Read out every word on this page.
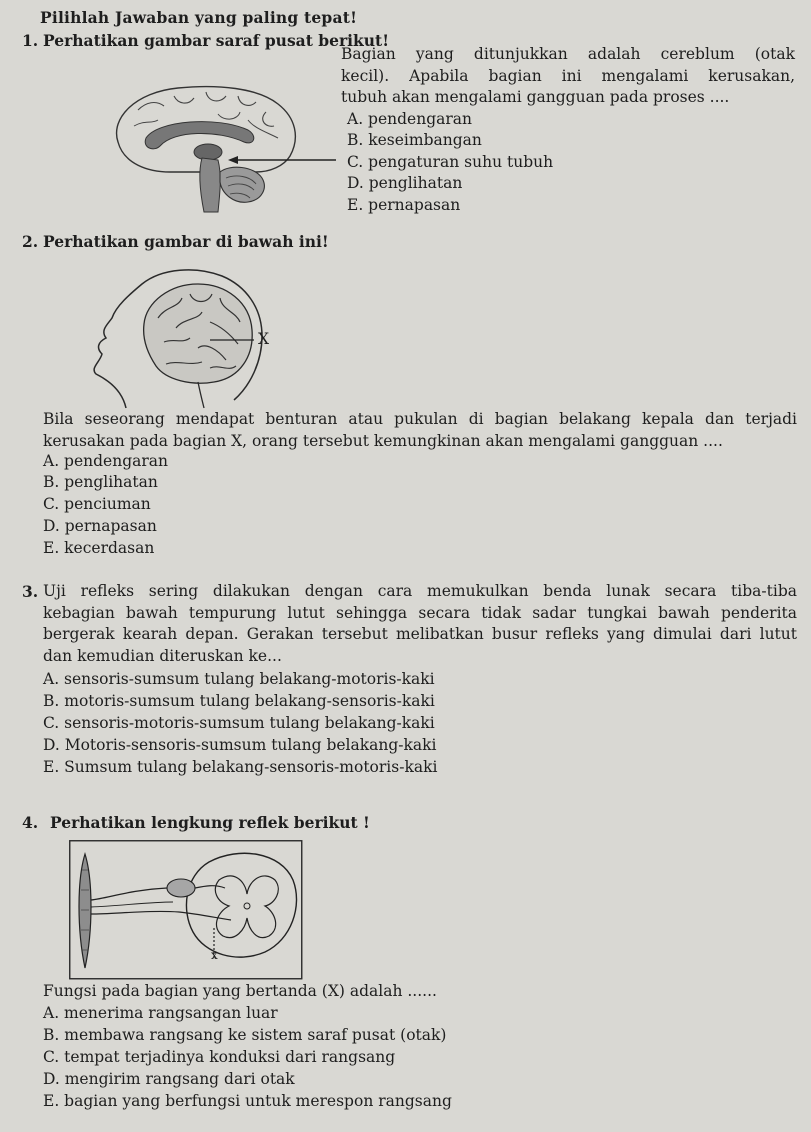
Pilihlah Jawaban yang paling tepat!
1. Perhatikan gambar saraf pusat berikut!
Bagian yang ditunjukkan adalah cereblum (otak
kecil). Apabila bagian ini mengalami kerusakan,
tubuh akan mengalami gangguan pada proses ....
A. pendengaran
B. keseimbangan
C. pengaturan suhu tubuh
D. penglihatan
E. pernapasan
2. Perhatikan gambar di bawah ini!
X
Bila seseorang mendapat benturan atau pukulan di bagian belakang kepala dan terjadi
kerusakan pada bagian X, orang tersebut kemungkinan akan mengalami gangguan ....
A. pendengaran
B. penglihatan
C. penciuman
D. pernapasan
E. kecerdasan
3. Uji refleks sering dilakukan dengan cara memukulkan benda lunak secara tiba-tiba
kebagian bawah tempurung lutut sehingga secara tidak sadar tungkai bawah penderita
bergerak kearah depan. Gerakan tersebut melibatkan busur refleks yang dimulai dari lutut
dan kemudian diteruskan ke...
A. sensoris-sumsum tulang belakang-motoris-kaki
B. motoris-sumsum tulang belakang-sensoris-kaki
C. sensoris-motoris-sumsum tulang belakang-kaki
D. Motoris-sensoris-sumsum tulang belakang-kaki
E. Sumsum tulang belakang-sensoris-motoris-kaki
4. Perhatikan lengkung reflek berikut !
x
Fungsi pada bagian yang bertanda (X) adalah ......
A. menerima rangsangan luar
B. membawa rangsang ke sistem saraf pusat (otak)
C. tempat terjadinya konduksi dari rangsang
D. mengirim rangsang dari otak
E. bagian yang berfungsi untuk merespon rangsang
